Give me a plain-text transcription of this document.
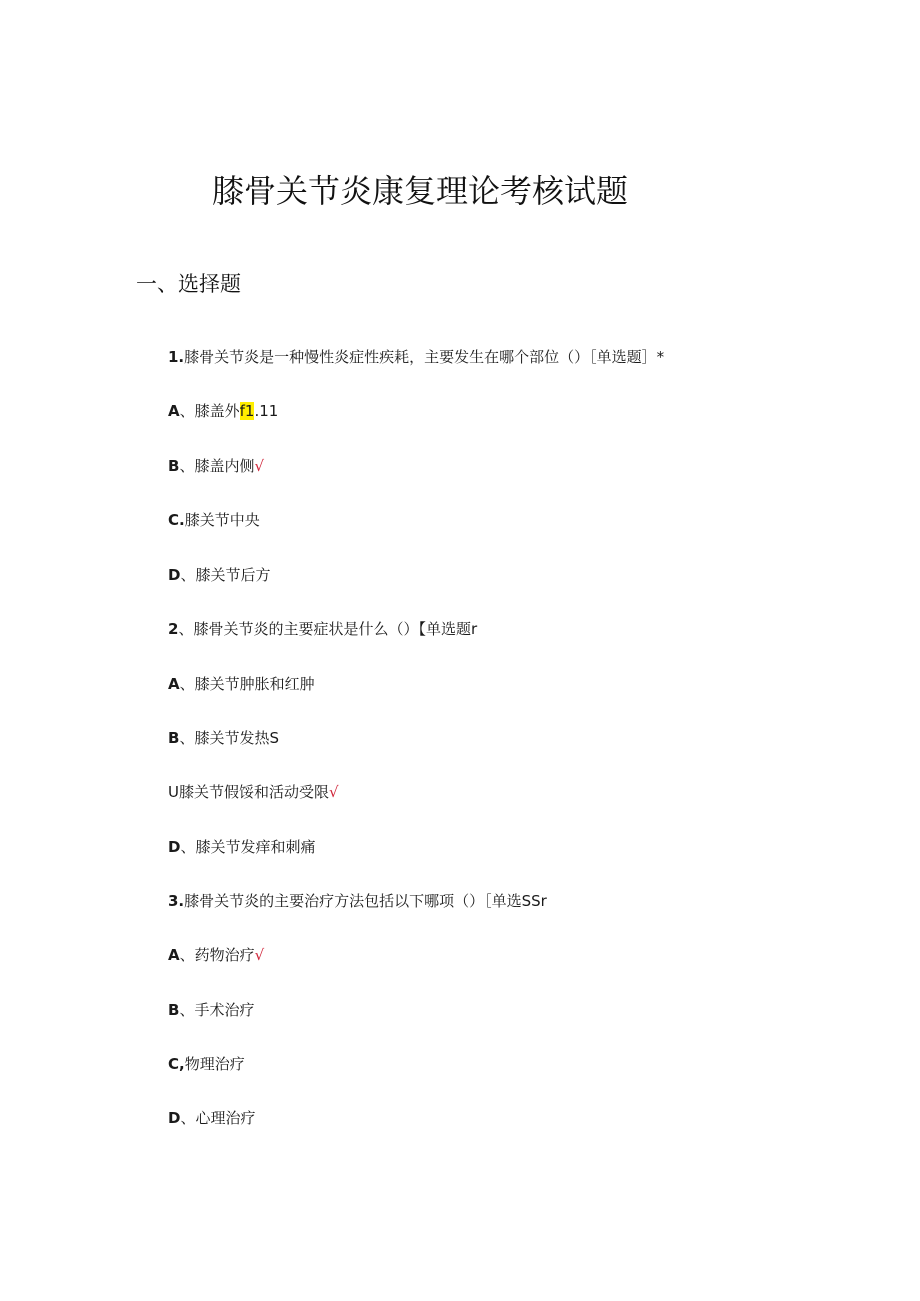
膝骨关节炎康复理论考核试题
一、选择题
1.膝骨关节炎是一种慢性炎症性疾耗，主要发生在哪个部位（）［单选题］*
A、膝盖外f1.11
B、膝盖内侧√
C.膝关节中央
D、膝关节后方
2、膝骨关节炎的主要症状是什么（）【单选题r
A、膝关节肿胀和红肿
B、膝关节发热S
U膝关节假馁和活动受限√
D、膝关节发痒和刺痛
3.膝骨关节炎的主要治疗方法包括以下哪项（）［单选SSr
A、药物治疗√
B、手术治疗
C,物理治疗
D、心理治疗
